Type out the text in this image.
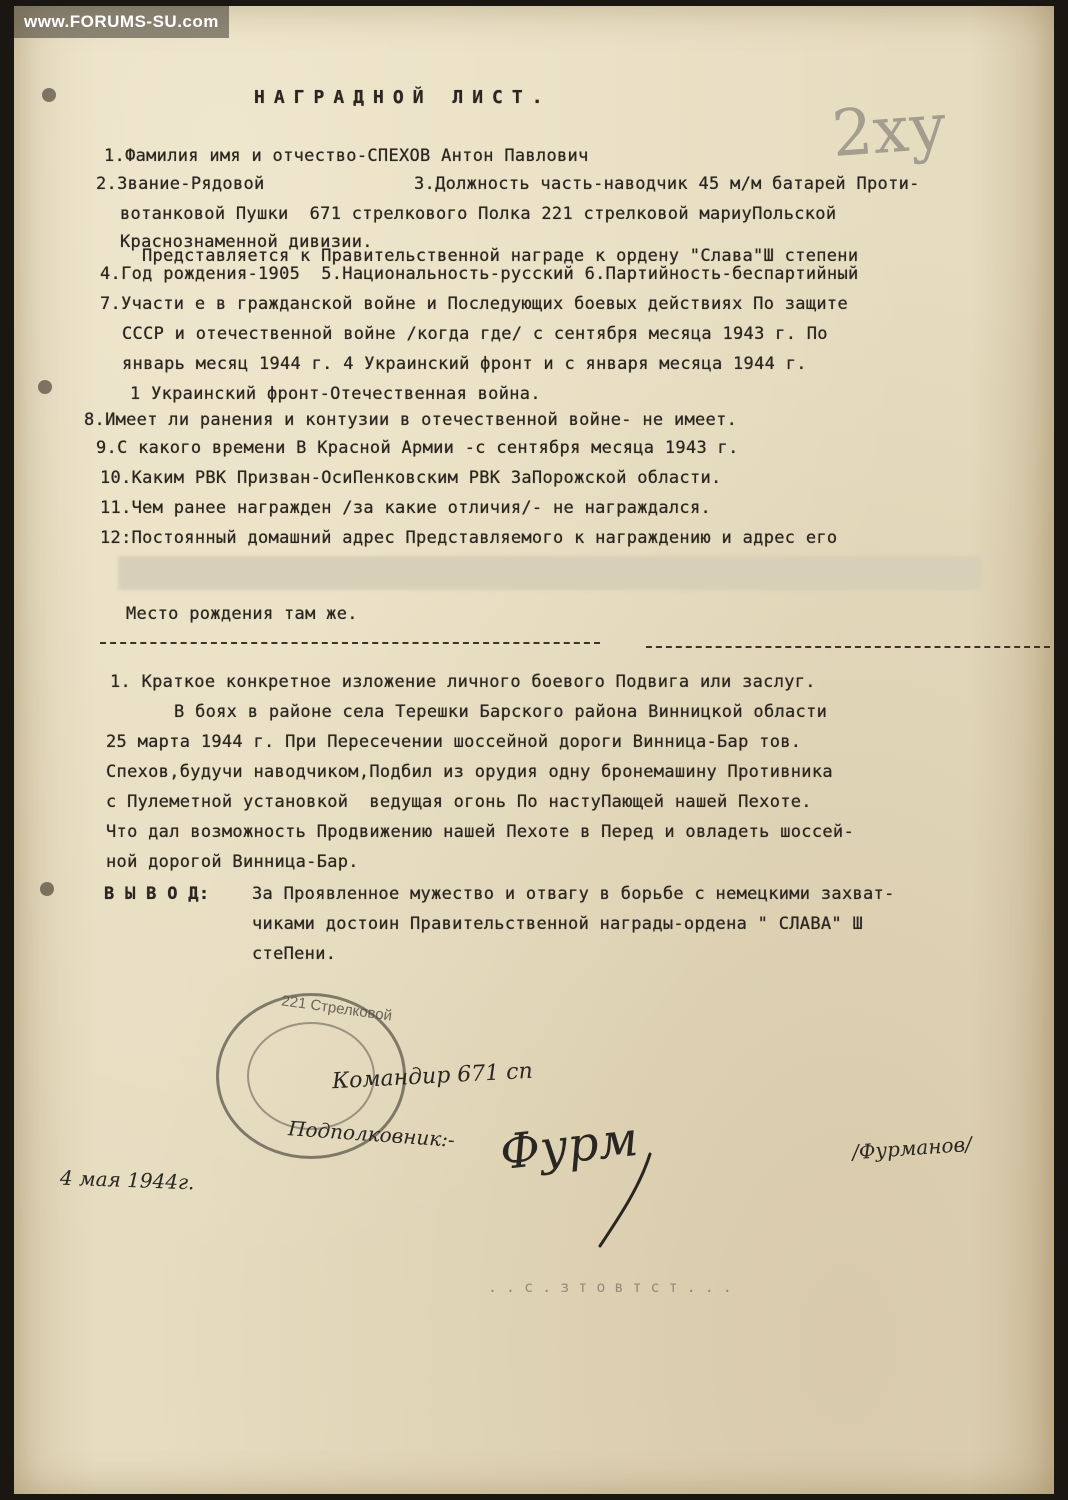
www.FORUMS-SU.com
2ху
НАГРАДНОЙ ЛИСТ.
1.Фамилия имя и отчество-СПЕХОВ Антон Павлович
2.Звание-Рядовой	3.Должность часть-наводчик 45 м/м батарей Проти-
вотанковой Пушки  671 стрелкового Полка 221 стрелковой мариуПольской
Краснознаменной дивизии.
Представляется к Правительственной награде к ордену "Слава"Ш степени
4.Год рождения-1905  5.Национальность-русский 6.Партийность-беспартийный
7.Участи е в гражданской войне и Последующих боевых действиях По защите
СССР и отечественной войне /когда где/ с сентября месяца 1943 г. По
январь месяц 1944 г. 4 Украинский фронт и с января месяца 1944 г.
1 Украинский фронт-Отечественная война.
8.Имеет ли ранения и контузии в отечественной войне- не имеет.
9.С какого времени В Красной Армии -с сентября месяца 1943 г.
10.Каким РВК Призван-ОсиПенковским РВК ЗаПорожской области.
11.Чем ранее награжден /за какие отличия/- не награждался.
12:Постоянный домашний адрес Представляемого к награждению и адрес его
Место рождения там же.
1. Краткое конкретное изложение личного боевого Подвига или заслуг.
В боях в районе села Терешки Барского района Винницкой области
25 марта 1944 г. При Пересечении шоссейной дороги Винница-Бар тов.
Спехов,будучи наводчиком,Подбил из орудия одну бронемашину Противника
с Пулеметной установкой  ведущая огонь По настуПающей нашей Пехоте.
Что дал возможность Продвижению нашей Пехоте в Перед и овладеть шоссей-
ной дорогой Винница-Бар.
В Ы В О Д:	За Проявленное мужество и отвагу в борьбе с немецкими захват-
чиками достоин Правительственной награды-ордена " СЛАВА" Ш
стеПени.
221 Стрелковой
Командир 671 сп
Подполковник:- Фурм	/Фурманов/
4 мая 1944г.
. . с . з т о в т с т . . .
